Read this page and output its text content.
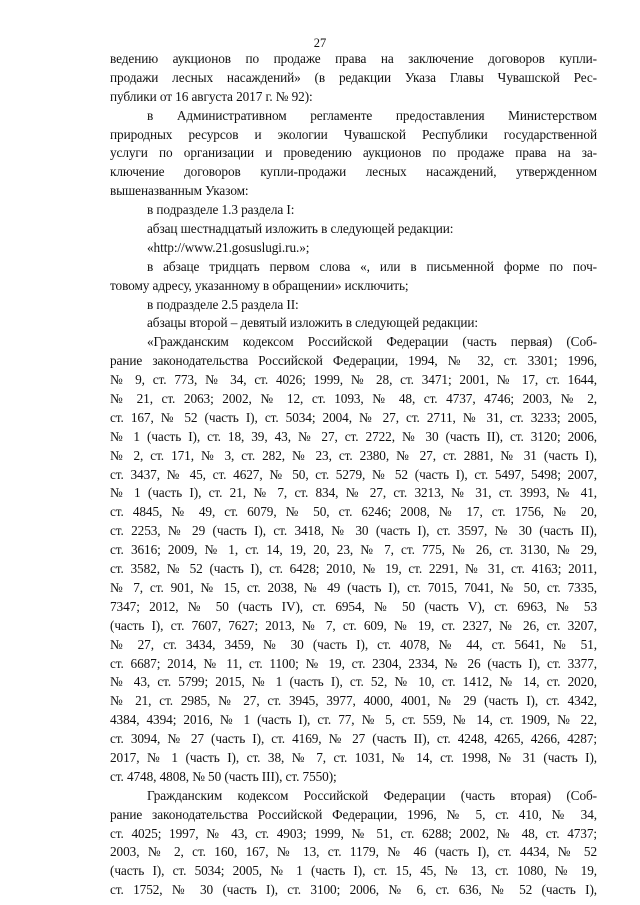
27
ведению аукционов по продаже права на заключение договоров купли-
продажи лесных насаждений» (в редакции Указа Главы Чувашской Рес-
публики от 16 августа 2017 г. № 92):
в Административном регламенте предоставления Министерством
природных ресурсов и экологии Чувашской Республики государственной
услуги по организации и проведению аукционов по продаже права на за-
ключение договоров купли-продажи лесных насаждений, утвержденном
вышеназванным Указом:
в подразделе 1.3 раздела I:
абзац шестнадцатый изложить в следующей редакции:
«http://www.21.gosuslugi.ru.»;
в абзаце тридцать первом слова «, или в письменной форме по поч-
товому адресу, указанному в обращении» исключить;
в подразделе 2.5 раздела II:
абзацы второй – девятый изложить в следующей редакции:
«Гражданским кодексом Российской Федерации (часть первая) (Соб-
рание законодательства Российской Федерации, 1994, № 32, ст. 3301; 1996,
№ 9, ст. 773, № 34, ст. 4026; 1999, № 28, ст. 3471; 2001, № 17, ст. 1644,
№ 21, ст. 2063; 2002, № 12, ст. 1093, № 48, ст. 4737, 4746; 2003, № 2,
ст. 167, № 52 (часть I), ст. 5034; 2004, № 27, ст. 2711, № 31, ст. 3233; 2005,
№ 1 (часть I), ст. 18, 39, 43, № 27, ст. 2722, № 30 (часть II), ст. 3120; 2006,
№ 2, ст. 171, № 3, ст. 282, № 23, ст. 2380, № 27, ст. 2881, № 31 (часть I),
ст. 3437, № 45, ст. 4627, № 50, ст. 5279, № 52 (часть I), ст. 5497, 5498; 2007,
№ 1 (часть I), ст. 21, № 7, ст. 834, № 27, ст. 3213, № 31, ст. 3993, № 41,
ст. 4845, № 49, ст. 6079, № 50, ст. 6246; 2008, № 17, ст. 1756, № 20,
ст. 2253, № 29 (часть I), ст. 3418, № 30 (часть I), ст. 3597, № 30 (часть II),
ст. 3616; 2009, № 1, ст. 14, 19, 20, 23, № 7, ст. 775, № 26, ст. 3130, № 29,
ст. 3582, № 52 (часть I), ст. 6428; 2010, № 19, ст. 2291, № 31, ст. 4163; 2011,
№ 7, ст. 901, № 15, ст. 2038, № 49 (часть I), ст. 7015, 7041, № 50, ст. 7335,
7347; 2012, № 50 (часть IV), ст. 6954, № 50 (часть V), ст. 6963, № 53
(часть I), ст. 7607, 7627; 2013, № 7, ст. 609, № 19, ст. 2327, № 26, ст. 3207,
№ 27, ст. 3434, 3459, № 30 (часть I), ст. 4078, № 44, ст. 5641, № 51,
ст. 6687; 2014, № 11, ст. 1100; № 19, ст. 2304, 2334, № 26 (часть I), ст. 3377,
№ 43, ст. 5799; 2015, № 1 (часть I), ст. 52, № 10, ст. 1412, № 14, ст. 2020,
№ 21, ст. 2985, № 27, ст. 3945, 3977, 4000, 4001, № 29 (часть I), ст. 4342,
4384, 4394; 2016, № 1 (часть I), ст. 77, № 5, ст. 559, № 14, ст. 1909, № 22,
ст. 3094, № 27 (часть I), ст. 4169, № 27 (часть II), ст. 4248, 4265, 4266, 4287;
2017, № 1 (часть I), ст. 38, № 7, ст. 1031, № 14, ст. 1998, № 31 (часть I),
ст. 4748, 4808, № 50 (часть III), ст. 7550);
Гражданским кодексом Российской Федерации (часть вторая) (Соб-
рание законодательства Российской Федерации, 1996, № 5, ст. 410, № 34,
ст. 4025; 1997, № 43, ст. 4903; 1999, № 51, ст. 6288; 2002, № 48, ст. 4737;
2003, № 2, ст. 160, 167, № 13, ст. 1179, № 46 (часть I), ст. 4434, № 52
(часть I), ст. 5034; 2005, № 1 (часть I), ст. 15, 45, № 13, ст. 1080, № 19,
ст. 1752, № 30 (часть I), ст. 3100; 2006, № 6, ст. 636, № 52 (часть I),
